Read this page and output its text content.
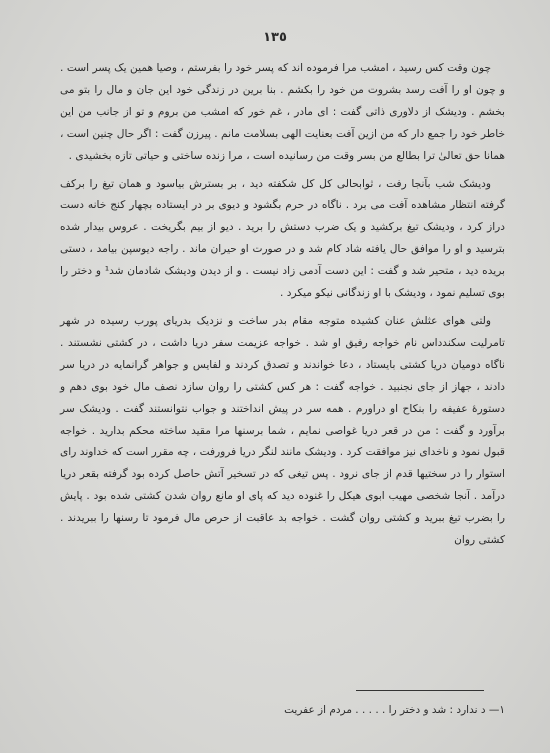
١٣٥

چون وقت کس رسید ، امشب مرا فرموده اند که پسر خود را بفرستم ، وصیا همین یک پسر است . و چون او را آفت رسد بشروت من خود را بکشم . بنا برین در زندگی خود این جان و مال را بتو می بخشم . ودیشک از دلاوری ذاتی گفت : ای مادر ، غم خور که امشب من بروم و تو از جانب من این خاطر خود را جمع دار که من ازین آفت بعنایت الهی بسلامت مانم . پیرزن گفت : اگر حال چنین است ، همانا حق تعالیٰ ترا بطالع من بسر وقت من رسانیده است ، مرا زنده ساختی و حیاتی تازه بخشیدی .

ودیشک شب بآنجا رفت ، ثوابحالی کل کل شکفته دید ، بر بسترش بیاسود و همان تیغ را برکف گرفته انتظار مشاهده آفت می برد . ناگاه در حرم بگشود و دیوی بر در ایستاده بچهار کنج خانه دست دراز کرد ، ودیشک تیغ برکشید و یک ضرب دستش را برید . دیو از بیم بگریخت . عروس بیدار شده بترسید و او را موافق حال یافته شاد کام شد و در صورت او حیران ماند . راجه دیوسپن بیامد ، دستی بریده دید ، متحیر شد و گفت : این دست آدمی زاد نیست . و از دیدن ودیشک شادمان شد¹ و دختر را بوی تسلیم نمود ، ودیشک با او زندگانی نیکو میکرد .

ولتی هوای عثلش عنان کشیده متوجه مقام بدر ساخت و نزدیک بدریای پورب رسیده در شهر تامرلیت سکندداس نام خواجه رفیق او شد . خواجه عزیمت سفر دریا داشت ، در کشتی نشستند . ناگاه دومیان دریا کشتی بایستاد ، دعا خواندند و تصدق کردند و لفایس و جواهر گرانمایه در دریا سر دادند ، جهاز از جای نجنبید . خواجه گفت : هر کس کشتی را روان سازد نصف مال خود بوی دهم و دستورهٔ عفیفه را بنکاح او دراورم . همه سر در پیش انداختند و جواب نتوانستند گفت . ودیشک سر برآورد و گفت : من در قعر دریا غواصی نمایم ، شما برسنها مرا مقید ساخته محکم بدارید . خواجه قبول نمود و ناخدای نیز موافقت کرد . ودیشک مانند لنگر دریا فرورفت ، چه مقرر است که خداوند رای استوار را در سختیها قدم از جای نرود . پس تیغی که در تسخیر آتش حاصل کرده بود گرفته بقعر دریا درآمد . آنجا شخصی مهیب ابوی هیکل را غنوده دید که پای او مانع روان شدن کشتی شده بود . پایش را بضرب تیغ ببرید و کشتی روان گشت . خواجه بد عاقبت از حرص مال فرمود تا رسنها را ببریدند . کشتی روان

۱— د ندارد : شد و دختر را . . . . . مردم از عفریت
